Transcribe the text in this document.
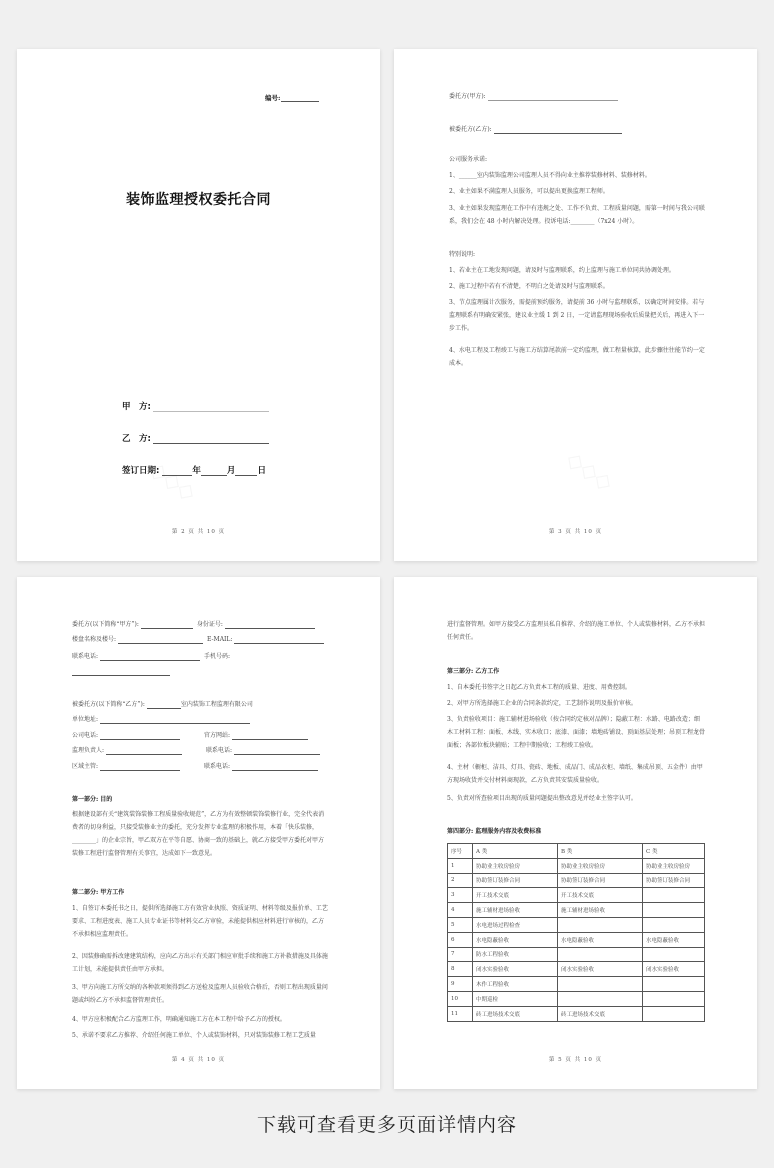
编号:
装饰监理授权委托合同
甲　方:
乙　方:
签订日期:	年	月	日
第 2 页 共 10 页
委托方(甲方):
被委托方(乙方):
公司服务承诺:
1、______室内装饰监理公司监理人员不得向业主推荐装修材料、装修材料。
2、业主如果不满监理人员服务，可以提出更换监理工程师。
3、业主如果发现监理在工作中有违规之处、工作不负责、工程质量问题，需第一时间与我公司联系，我们会在 48 小时内解决处理。投诉电话:________（7x24 小时）。
特别说明:
1、若业主在工地发现问题，请及时与监理联系，约上监理与施工单位同共协调处理。
2、施工过程中若有不清楚，不明白之处请及时与监理联系。
3、节点监理属计次服务，需提前预约服务，请提前 36 小时与监理联系，以确定时间安排。若与监理联系有明确安紧张，建议业主缓 1 到 2 日，一定请监理现场验收后质量把关后，再进入下一步工作。
4、水电工程及工程竣工与施工方结算尾款前一定约监理，做工程量核算，此步骤往往能节约一定成本。
第 3 页 共 10 页
委托方(以下简称“甲方”):	身份证号:
楼盘名称及楼号:	E-MAIL:
联系电话:	手机号码:
被委托方(以下简称“乙方”):	室内装饰工程监理有限公司
单位地址:
公司电话:	官方网站:
监理负责人:	联系电话:
区域主管:	联系电话:
第一部分: 目的
根据建设部有关“建筑装饰装修工程质量验收规范”，乙方为有效整顿装饰装修行业，完全代表消费者的切身利益，只接受装修业主的委托，充分发挥专业监理的积极作用，本着「快乐装修，________」的企业宗旨，甲乙双方在平等自愿、协商一致的基础上，就乙方接受甲方委托对甲方装修工程进行监督管理有关事宜，达成如下一致意见。
第二部分: 甲方工作
1、自签订本委托书之日，提供所选择施工方有效营业执照、资质证明、材料等级及报价单、工艺要求、工程进度表、施工人员专业证书等材料交乙方审验，未能提供相应材料进行审核的，乙方不承担相应监理责任。
2、因装修确需拆改建建筑结构，应向乙方出示有关部门相应审批手续和施工方补救措施及具体施工计划，未能提供责任由甲方承担。
3、甲方向施工方所交纳的各种款项须得到乙方送检及监理人员验收合格后，否则工程出现质量问题或纠纷乙方不承担监督管理责任。
4、甲方应积极配合乙方监理工作，明确通知施工方在本工程中给予乙方的授权。
5、承诺不要求乙方推荐、介绍任何施工单位、个人或装饰材料，只对装饰装修工程工艺质量
第 4 页 共 10 页
进行监督管理。如甲方接受乙方监理员私自推荐、介绍的施工单位、个人或装修材料，乙方不承担任何责任。
第三部分: 乙方工作
1、自本委托书签字之日起乙方负责本工程的质量、进度、用费控制。
2、对甲方所选择施工企业的合同条款约定，工艺制作说明及报价审核。
3、负责验收项目：施工辅材进场验收（按合同约定核对品牌）；隐蔽工程：水路、电路改造；细木工材料工程：面板、木线、实木收口；底漆、面漆；墙地砖铺设、顶面基层处理；吊顶工程龙骨面板；各部位板块辅贴；工程中期验收；工程竣工验收。
4、主材（橱柜、洁具、灯具、瓷砖、地板、成品门、成品衣柜、墙纸、集成吊顶、五金件）由甲方现场收货并交付材料商现款，乙方负责其安装质量验收。
5、负责对所查验项目出现的质量问题提出整改意见并经业主签字认可。
第四部分: 监理服务内容及收费标准
序号	A 类	B 类	C 类
1	协助业主收房验房	协助业主收房验房	协助业主收房验房
2	协助签订装修合同	协助签订装修合同	协助签订装修合同
3	开工技术交底	开工技术交底	
4	施工辅材进场验收	施工辅材进场验收	
5	水电进场过程检查		
6	水电隐蔽验收	水电隐蔽验收	水电隐蔽验收
7	防水工程验收		
8	闭水实验验收	闭水实验验收	闭水实验验收
9	木作工程验收		
10	中期巡检		
11	砖工进场技术交底	砖工进场技术交底	
第 5 页 共 10 页
下载可查看更多页面详情内容
